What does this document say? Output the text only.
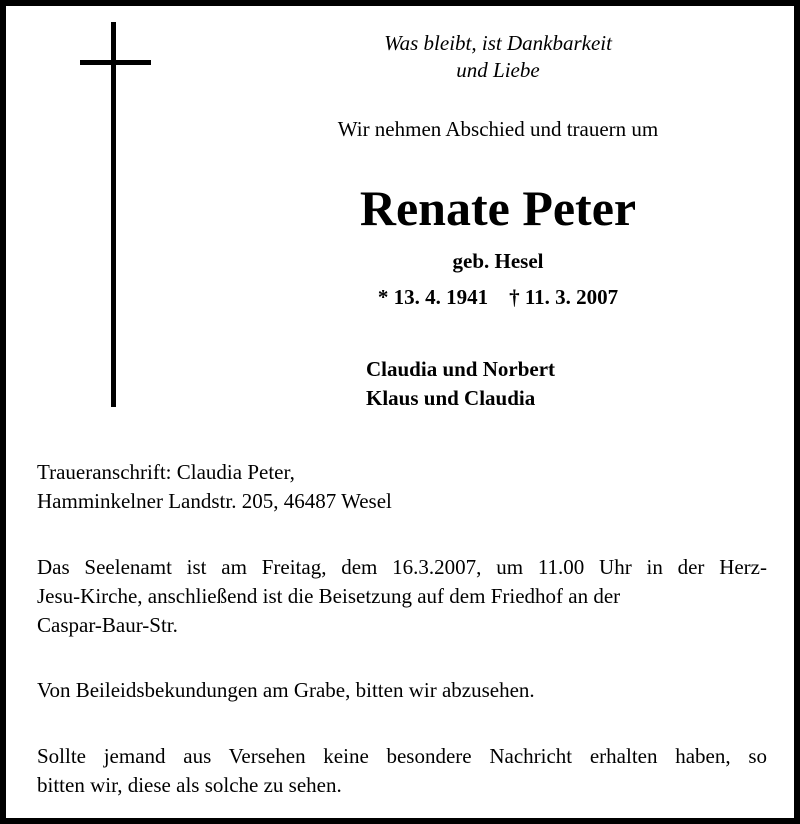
Was bleibt, ist Dankbarkeit
und Liebe
Wir nehmen Abschied und trauern um
Renate Peter
geb. Hesel
* 13. 4. 1941    † 11. 3. 2007
Claudia und Norbert
Klaus und Claudia
Traueranschrift: Claudia Peter,
Hamminkelner Landstr. 205, 46487 Wesel
Das Seelenamt ist am Freitag, dem 16.3.2007, um 11.00 Uhr in der Herz-
Jesu-Kirche, anschließend ist die Beisetzung auf dem Friedhof an der
Caspar-Baur-Str.
Von Beileidsbekundungen am Grabe, bitten wir abzusehen.
Sollte jemand aus Versehen keine besondere Nachricht erhalten haben, so
bitten wir, diese als solche zu sehen.
